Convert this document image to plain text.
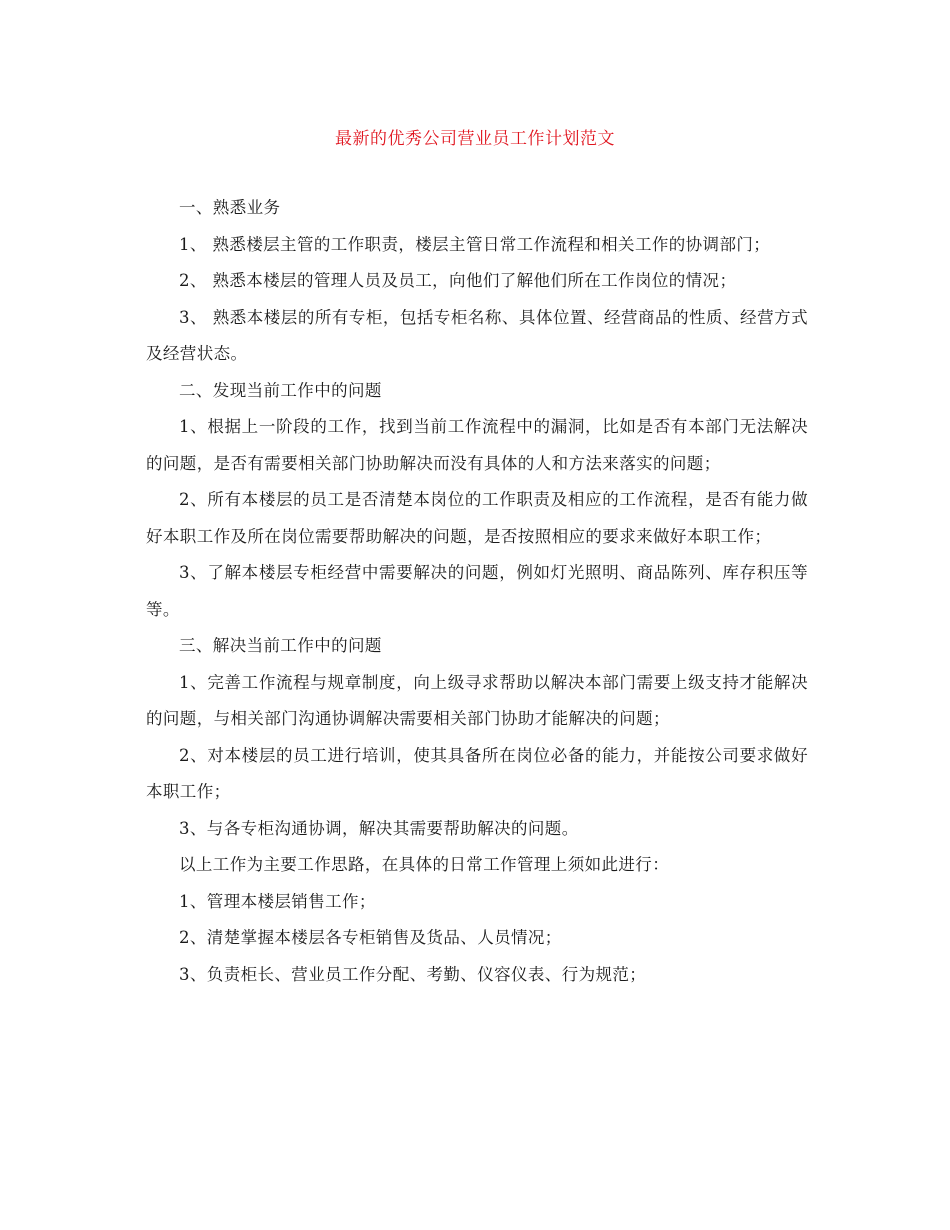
最新的优秀公司营业员工作计划范文

一、熟悉业务

1、 熟悉楼层主管的工作职责，楼层主管日常工作流程和相关工作的协调部门；

2、 熟悉本楼层的管理人员及员工，向他们了解他们所在工作岗位的情况；

3、 熟悉本楼层的所有专柜，包括专柜名称、具体位置、经营商品的性质、经营方式及经营状态。

二、发现当前工作中的问题

1、根据上一阶段的工作，找到当前工作流程中的漏洞，比如是否有本部门无法解决的问题，是否有需要相关部门协助解决而没有具体的人和方法来落实的问题；

2、所有本楼层的员工是否清楚本岗位的工作职责及相应的工作流程，是否有能力做好本职工作及所在岗位需要帮助解决的问题，是否按照相应的要求来做好本职工作；

3、了解本楼层专柜经营中需要解决的问题，例如灯光照明、商品陈列、库存积压等等。

三、解决当前工作中的问题

1、完善工作流程与规章制度，向上级寻求帮助以解决本部门需要上级支持才能解决的问题，与相关部门沟通协调解决需要相关部门协助才能解决的问题；

2、对本楼层的员工进行培训，使其具备所在岗位必备的能力，并能按公司要求做好本职工作；

3、与各专柜沟通协调，解决其需要帮助解决的问题。

以上工作为主要工作思路，在具体的日常工作管理上须如此进行：

1、管理本楼层销售工作；

2、清楚掌握本楼层各专柜销售及货品、人员情况；

3、负责柜长、营业员工作分配、考勤、仪容仪表、行为规范；
